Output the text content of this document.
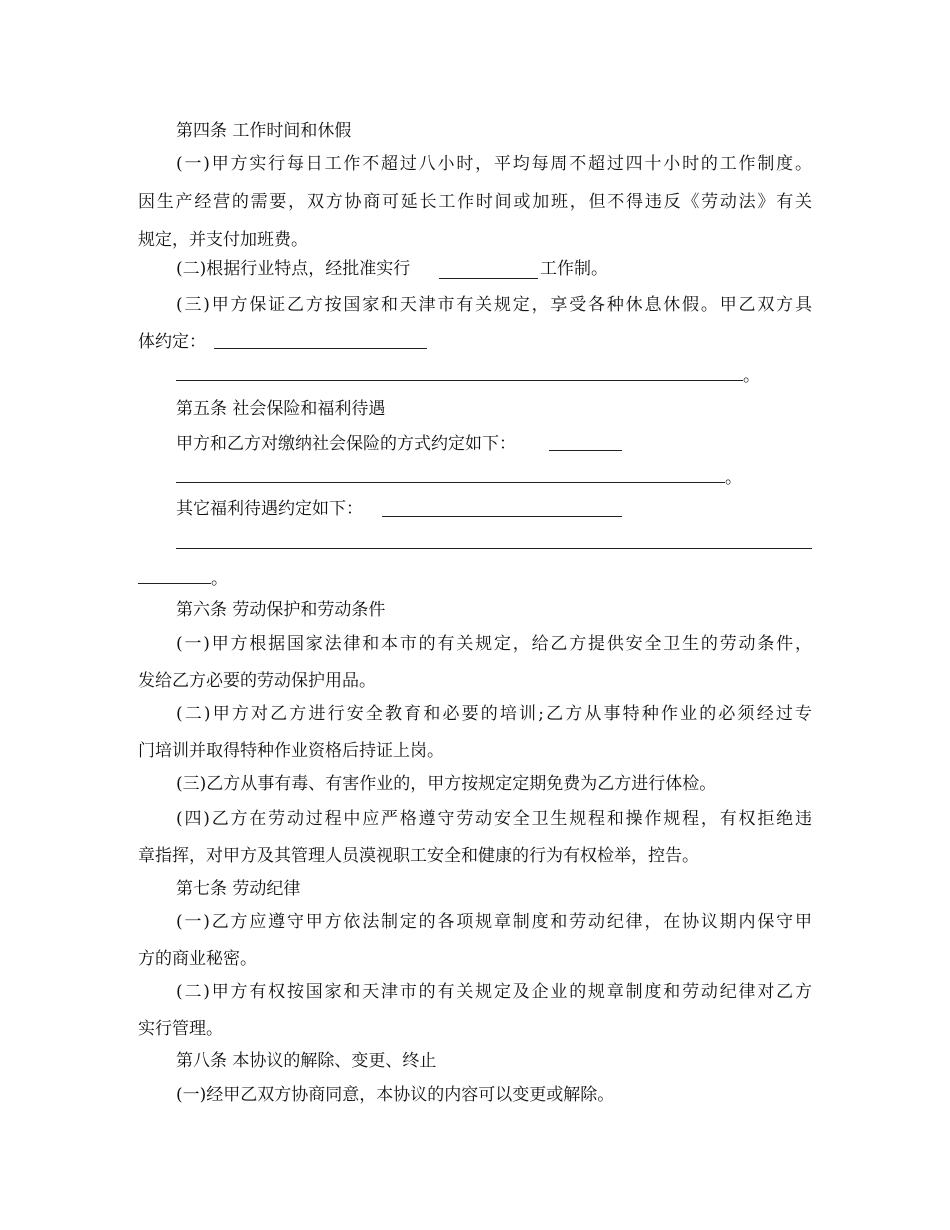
第四条 工作时间和休假
(一)甲方实行每日工作不超过八小时，平均每周不超过四十小时的工作制度。
因生产经营的需要，双方协商可延长工作时间或加班，但不得违反《劳动法》有关
规定，并支付加班费。
(二)根据行业特点，经批准实行	工作制。
(三)甲方保证乙方按国家和天津市有关规定，享受各种休息休假。甲乙双方具
体约定：
。
第五条 社会保险和福利待遇
甲方和乙方对缴纳社会保险的方式约定如下：
。
其它福利待遇约定如下：
。
第六条 劳动保护和劳动条件
(一)甲方根据国家法律和本市的有关规定，给乙方提供安全卫生的劳动条件，
发给乙方必要的劳动保护用品。
(二)甲方对乙方进行安全教育和必要的培训;乙方从事特种作业的必须经过专
门培训并取得特种作业资格后持证上岗。
(三)乙方从事有毒、有害作业的，甲方按规定定期免费为乙方进行体检。
(四)乙方在劳动过程中应严格遵守劳动安全卫生规程和操作规程，有权拒绝违
章指挥，对甲方及其管理人员漠视职工安全和健康的行为有权检举，控告。
第七条 劳动纪律
(一)乙方应遵守甲方依法制定的各项规章制度和劳动纪律，在协议期内保守甲
方的商业秘密。
(二)甲方有权按国家和天津市的有关规定及企业的规章制度和劳动纪律对乙方
实行管理。
第八条 本协议的解除、变更、终止
(一)经甲乙双方协商同意，本协议的内容可以变更或解除。
